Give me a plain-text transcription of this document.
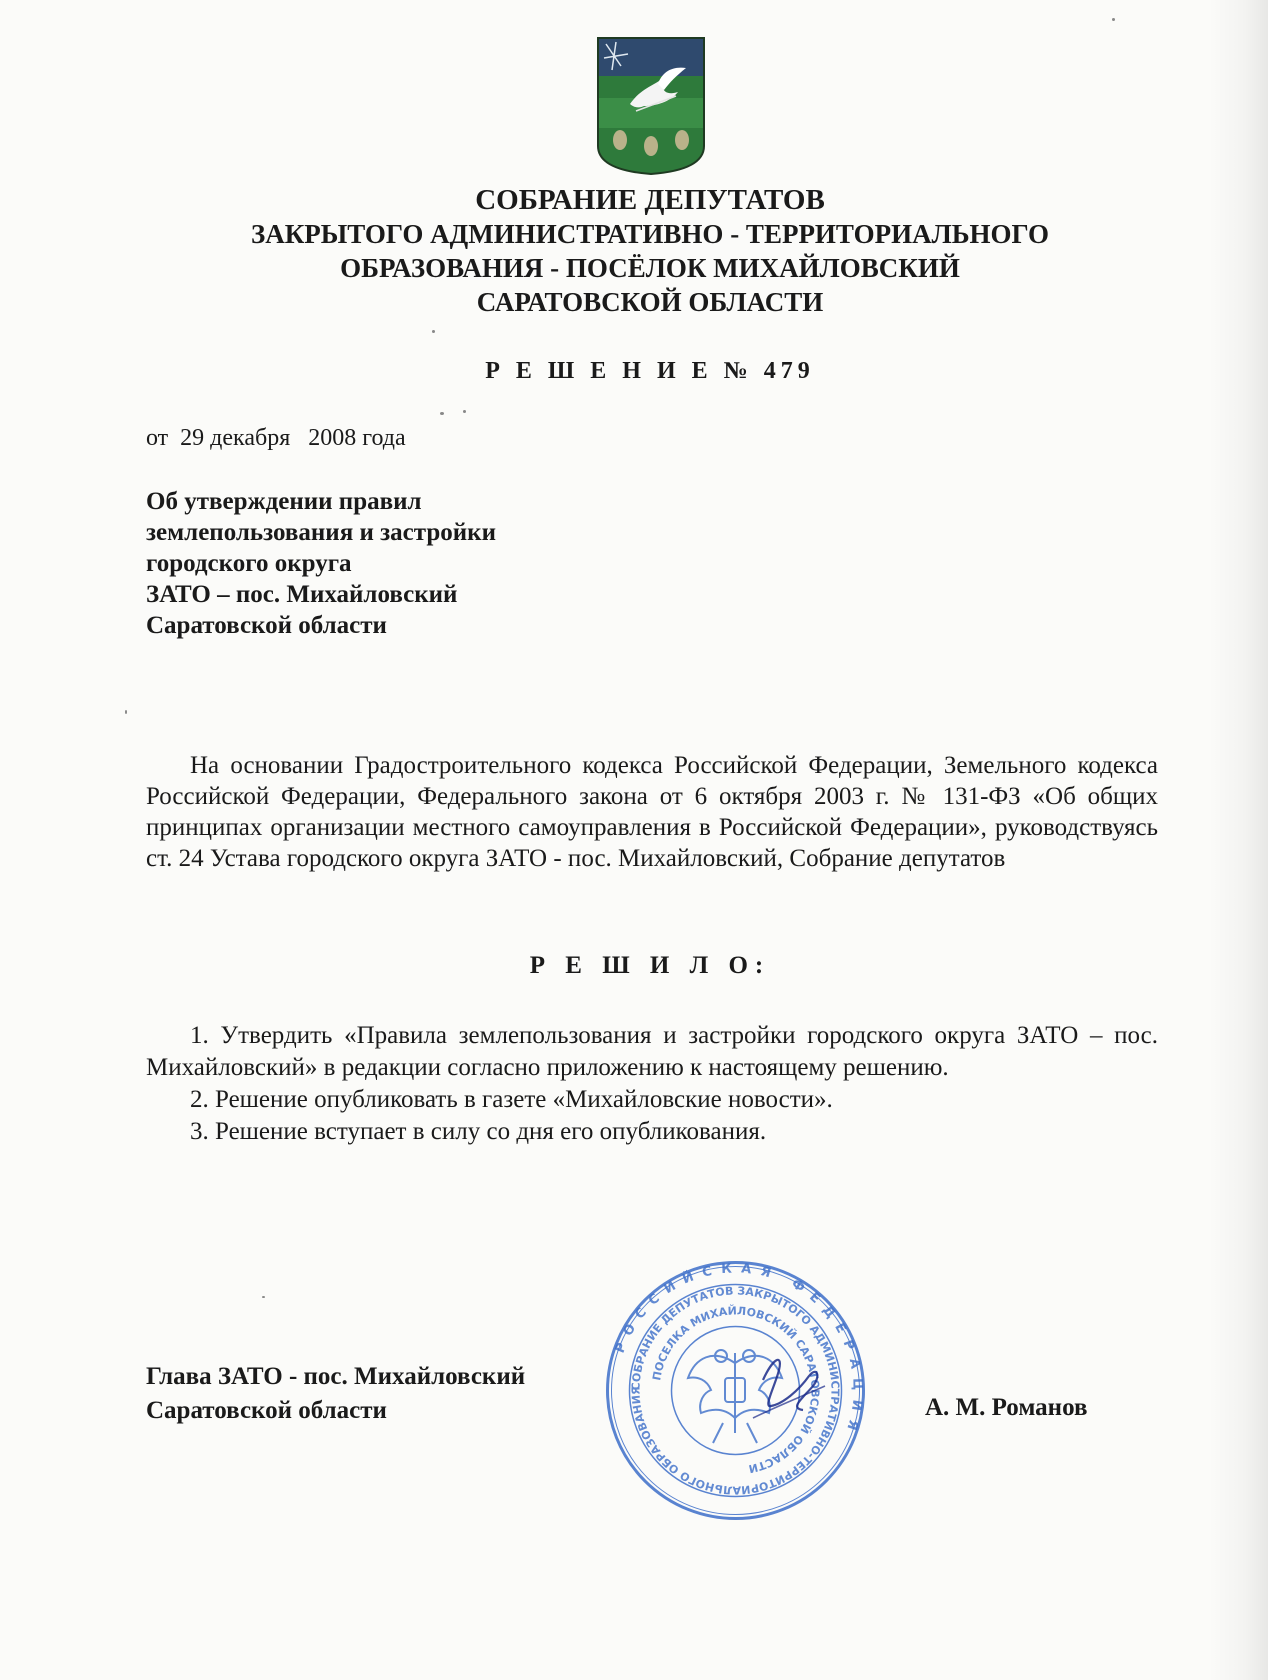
СОБРАНИЕ ДЕПУТАТОВ
ЗАКРЫТОГО АДМИНИСТРАТИВНО - ТЕРРИТОРИАЛЬНОГО
ОБРАЗОВАНИЯ - ПОСЁЛОК МИХАЙЛОВСКИЙ
САРАТОВСКОЙ ОБЛАСТИ
Р Е Ш Е Н И Е № 479
от  29 декабря   2008 года
Об утверждении правил
землепользования и застройки
городского округа
ЗАТО – пос. Михайловский
Саратовской области
На основании Градостроительного кодекса Российской Федерации, Земельного кодекса Российской Федерации, Федерального закона от 6 октября 2003 г. № 131-ФЗ «Об общих принципах организации местного самоуправления в Российской Федерации», руководствуясь ст. 24 Устава городского округа ЗАТО - пос. Михайловский, Собрание депутатов
Р Е Ш И Л О:
1. Утвердить «Правила землепользования и застройки городского округа ЗАТО – пос. Михайловский» в редакции согласно приложению к настоящему решению.
2. Решение опубликовать в газете «Михайловские новости».
3. Решение вступает в силу со дня его опубликования.
Глава ЗАТО - пос. Михайловский
Саратовской области
РОССИЙСКАЯ ФЕДЕРАЦИЯ
СОБРАНИЕ ДЕПУТАТОВ ЗАКРЫТОГО АДМИНИСТРАТИВНО-ТЕРРИТОРИАЛЬНОГО ОБРАЗОВАНИЯ
ПОСЕЛКА МИХАЙЛОВСКИЙ САРАТОВСКОЙ ОБЛАСТИ
А. М. Романов
